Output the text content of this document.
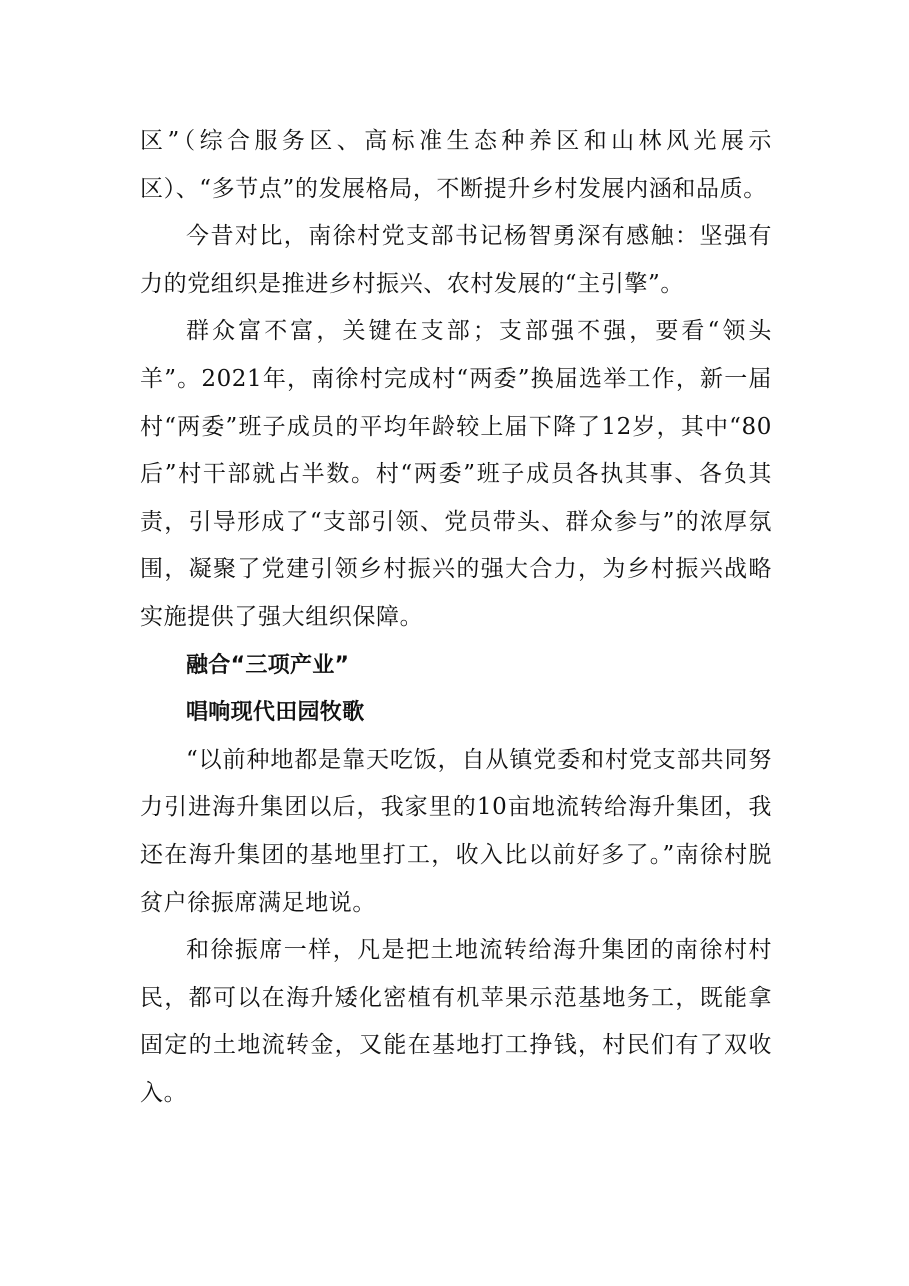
区”（综合服务区、高标准生态种养区和山林风光展示区）、“多节点”的发展格局，不断提升乡村发展内涵和品质。

今昔对比，南徐村党支部书记杨智勇深有感触：坚强有力的党组织是推进乡村振兴、农村发展的“主引擎”。

群众富不富，关键在支部；支部强不强，要看“领头羊”。2021年，南徐村完成村“两委”换届选举工作，新一届村“两委”班子成员的平均年龄较上届下降了12岁，其中“80后”村干部就占半数。村“两委”班子成员各执其事、各负其责，引导形成了“支部引领、党员带头、群众参与”的浓厚氛围，凝聚了党建引领乡村振兴的强大合力，为乡村振兴战略实施提供了强大组织保障。

融合“三项产业”

唱响现代田园牧歌

“以前种地都是靠天吃饭，自从镇党委和村党支部共同努力引进海升集团以后，我家里的10亩地流转给海升集团，我还在海升集团的基地里打工，收入比以前好多了。”南徐村脱贫户徐振席满足地说。

和徐振席一样，凡是把土地流转给海升集团的南徐村村民，都可以在海升矮化密植有机苹果示范基地务工，既能拿固定的土地流转金，又能在基地打工挣钱，村民们有了双收入。
